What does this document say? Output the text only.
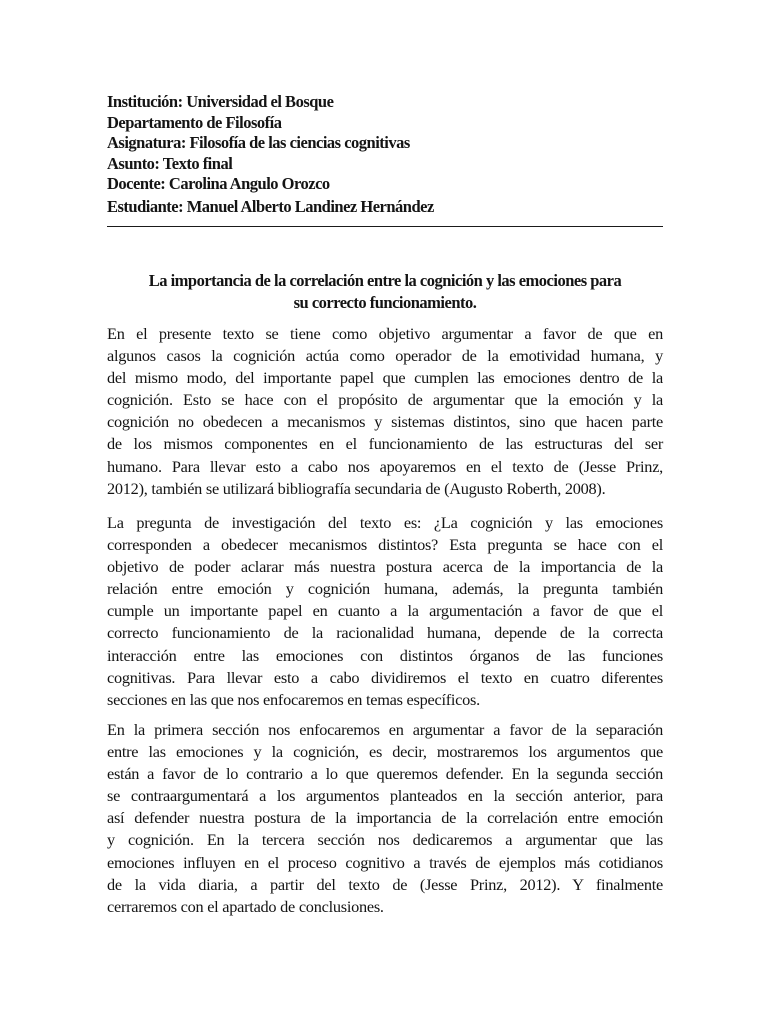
Institución: Universidad el Bosque
Departamento de Filosofía
Asignatura: Filosofía de las ciencias cognitivas
Asunto: Texto final
Docente: Carolina Angulo Orozco
Estudiante: Manuel Alberto Landinez Hernández
La importancia de la correlación entre la cognición y las emociones para
su correcto funcionamiento.
En el presente texto se tiene como objetivo argumentar a favor de que en
algunos casos la cognición actúa como operador de la emotividad humana, y
del mismo modo, del importante papel que cumplen las emociones dentro de la
cognición. Esto se hace con el propósito de argumentar que la emoción y la
cognición no obedecen a mecanismos y sistemas distintos, sino que hacen parte
de los mismos componentes en el funcionamiento de las estructuras del ser
humano. Para llevar esto a cabo nos apoyaremos en el texto de (Jesse Prinz,
2012), también se utilizará bibliografía secundaria de (Augusto Roberth, 2008).
La pregunta de investigación del texto es: ¿La cognición y las emociones
corresponden a obedecer mecanismos distintos? Esta pregunta se hace con el
objetivo de poder aclarar más nuestra postura acerca de la importancia de la
relación entre emoción y cognición humana, además, la pregunta también
cumple un importante papel en cuanto a la argumentación a favor de que el
correcto funcionamiento de la racionalidad humana, depende de la correcta
interacción entre las emociones con distintos órganos de las funciones
cognitivas. Para llevar esto a cabo dividiremos el texto en cuatro diferentes
secciones en las que nos enfocaremos en temas específicos.
En la primera sección nos enfocaremos en argumentar a favor de la separación
entre las emociones y la cognición, es decir, mostraremos los argumentos que
están a favor de lo contrario a lo que queremos defender. En la segunda sección
se contraargumentará a los argumentos planteados en la sección anterior, para
así defender nuestra postura de la importancia de la correlación entre emoción
y cognición. En la tercera sección nos dedicaremos a argumentar que las
emociones influyen en el proceso cognitivo a través de ejemplos más cotidianos
de la vida diaria, a partir del texto de (Jesse Prinz, 2012). Y finalmente
cerraremos con el apartado de conclusiones.
